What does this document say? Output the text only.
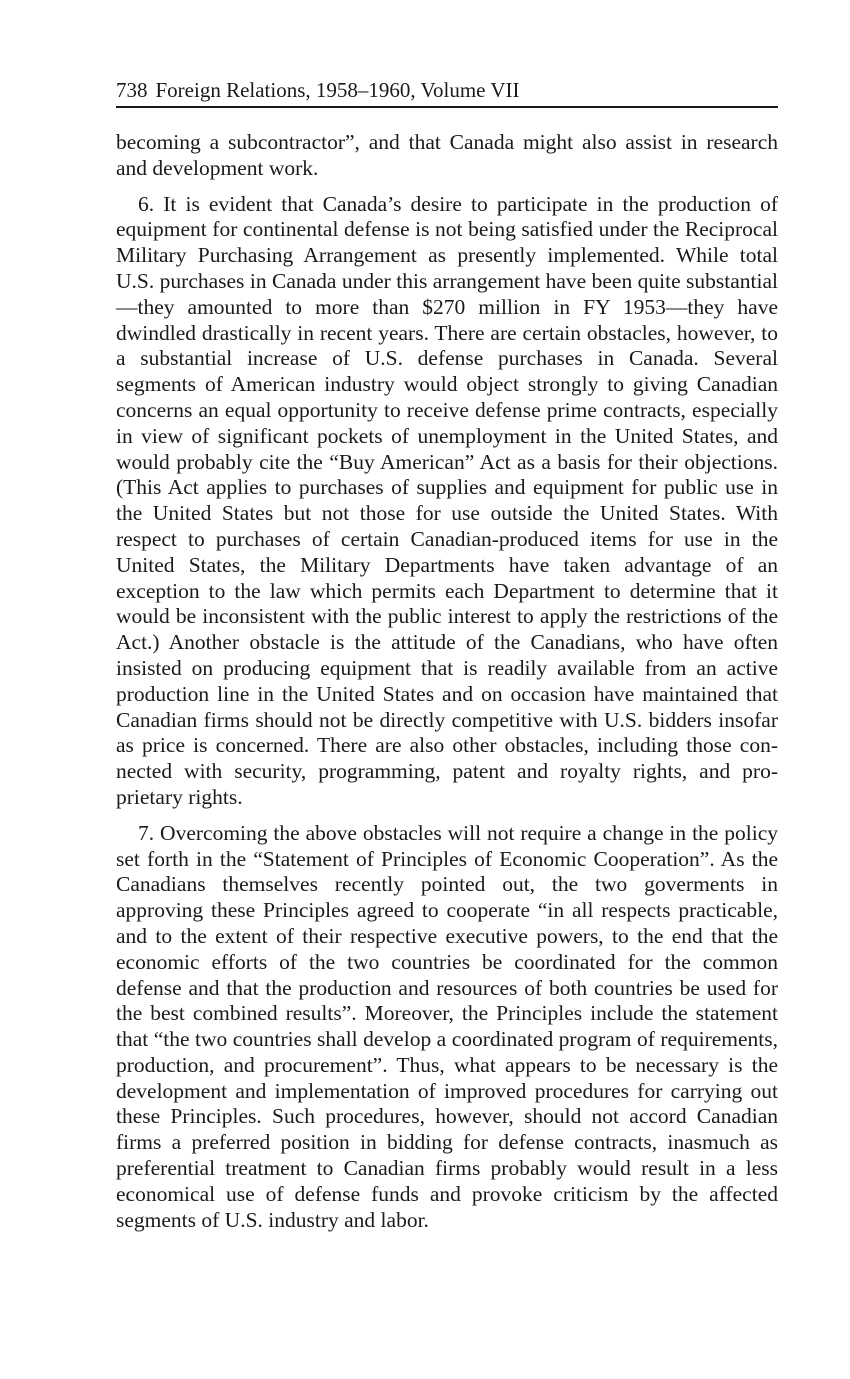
738 Foreign Relations, 1958–1960, Volume VII

becoming a subcontractor”, and that Canada might also assist in research and development work.

6. It is evident that Canada’s desire to participate in the production of equipment for continental defense is not being satisfied under the Reciprocal Military Purchasing Arrangement as presently implemented. While total U.S. purchases in Canada under this arrangement have been quite substantial—they amounted to more than $270 million in FY 1953—they have dwindled drastically in recent years. There are certain obstacles, however, to a substantial increase of U.S. defense purchases in Canada. Several segments of American industry would object strongly to giving Canadian concerns an equal opportunity to receive defense prime contracts, especially in view of significant pockets of unemployment in the United States, and would probably cite the “Buy American” Act as a basis for their objections. (This Act applies to purchases of supplies and equipment for public use in the United States but not those for use outside the United States. With respect to purchases of certain Canadian-produced items for use in the United States, the Military Departments have taken advantage of an exception to the law which permits each Department to determine that it would be inconsistent with the public interest to apply the restrictions of the Act.) Another obstacle is the attitude of the Canadians, who have often insisted on producing equipment that is readily available from an active production line in the United States and on occasion have maintained that Canadian firms should not be directly competitive with U.S. bidders insofar as price is concerned. There are also other obstacles, including those connected with security, programming, patent and royalty rights, and proprietary rights.

7. Overcoming the above obstacles will not require a change in the policy set forth in the “Statement of Principles of Economic Cooperation”. As the Canadians themselves recently pointed out, the two goverments in approving these Principles agreed to cooperate “in all respects practicable, and to the extent of their respective executive powers, to the end that the economic efforts of the two countries be coordinated for the common defense and that the production and resources of both countries be used for the best combined results”. Moreover, the Principles include the statement that “the two countries shall develop a coordinated program of requirements, production, and procurement”. Thus, what appears to be necessary is the development and implementation of improved procedures for carrying out these Principles. Such procedures, however, should not accord Canadian firms a preferred position in bidding for defense contracts, inasmuch as preferential treatment to Canadian firms probably would result in a less economical use of defense funds and provoke criticism by the affected segments of U.S. industry and labor.
